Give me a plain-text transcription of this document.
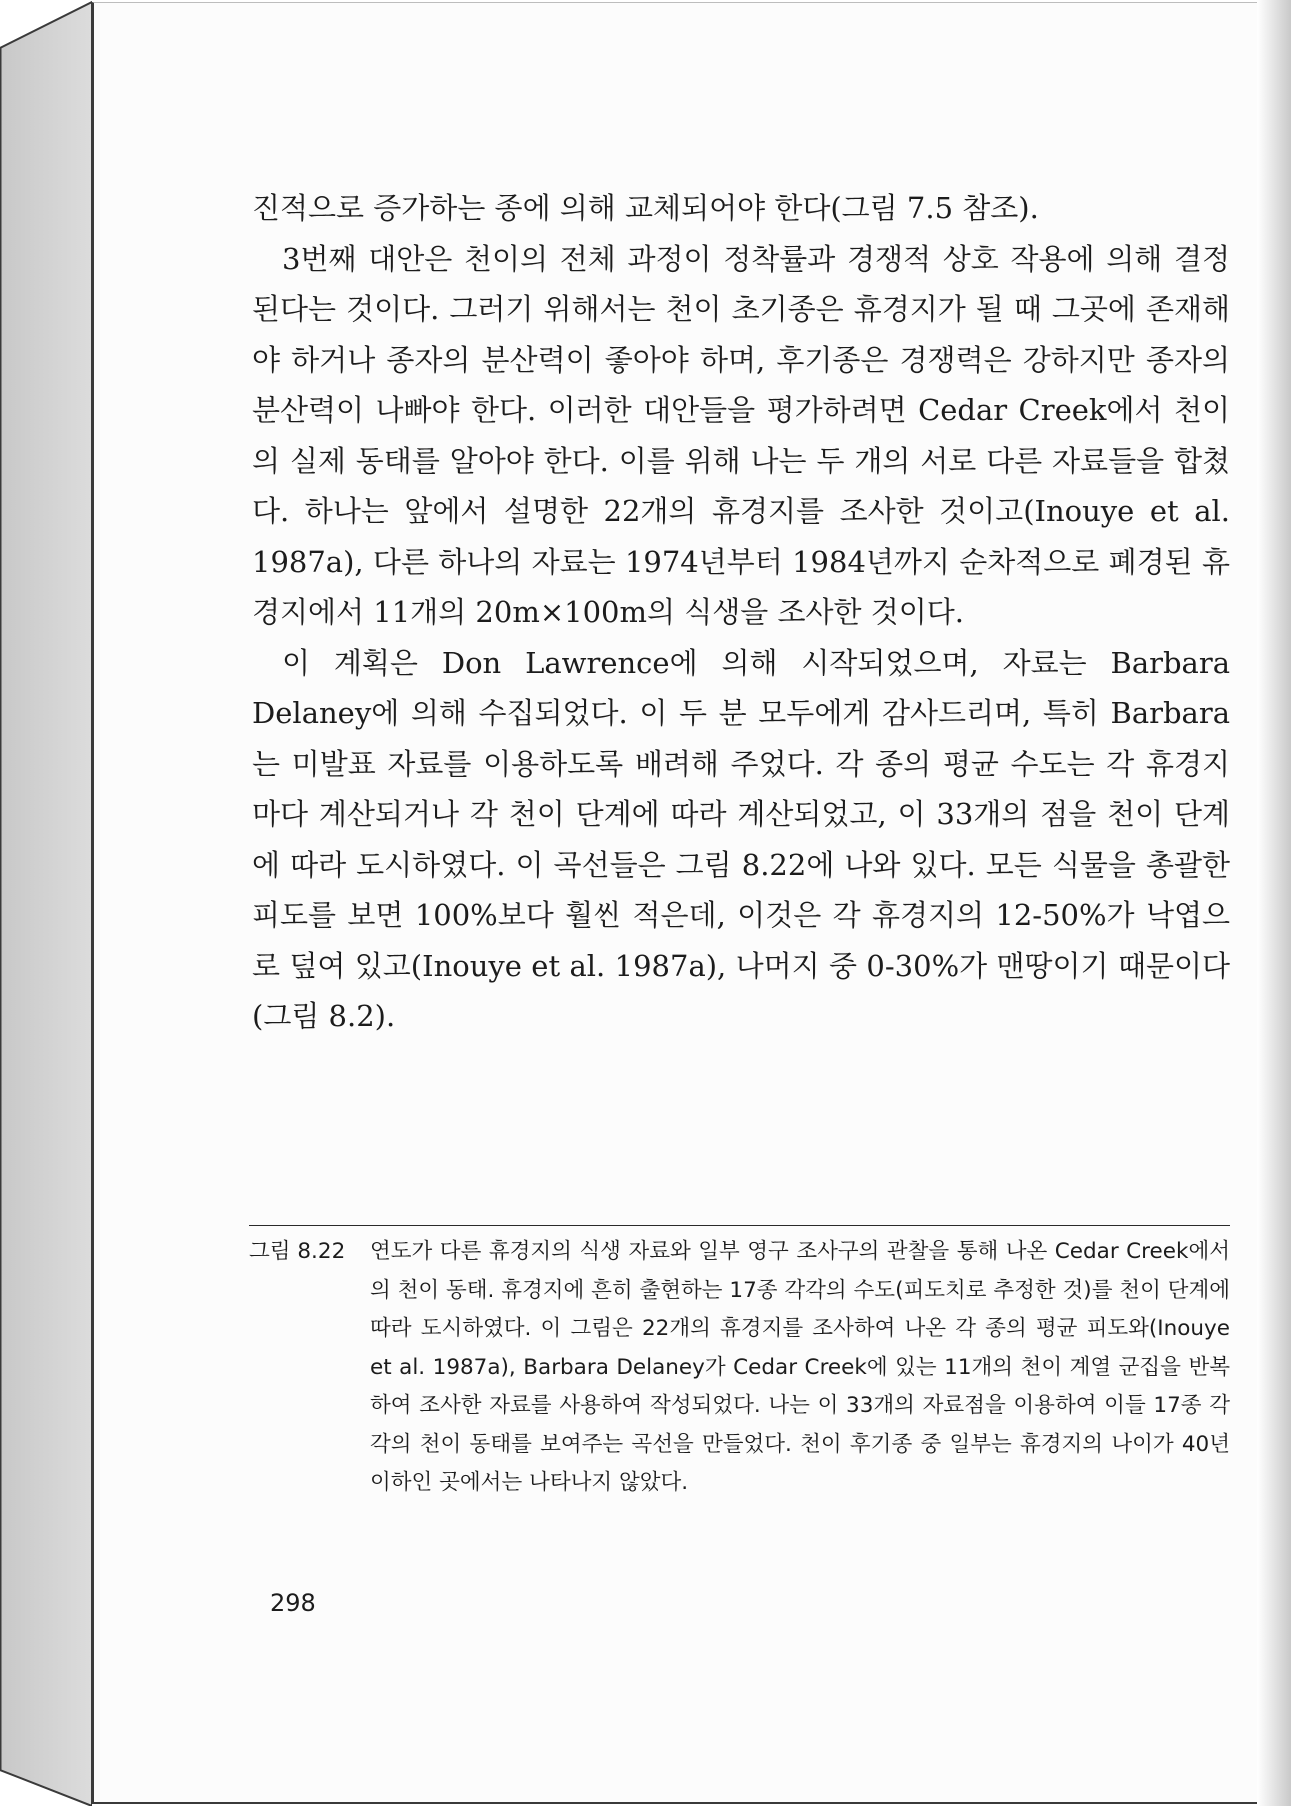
진적으로 증가하는 종에 의해 교체되어야 한다(그림 7.5 참조).

3번째 대안은 천이의 전체 과정이 정착률과 경쟁적 상호 작용에 의해 결정된다는 것이다. 그러기 위해서는 천이 초기종은 휴경지가 될 때 그곳에 존재해야 하거나 종자의 분산력이 좋아야 하며, 후기종은 경쟁력은 강하지만 종자의 분산력이 나빠야 한다. 이러한 대안들을 평가하려면 Cedar Creek에서 천이의 실제 동태를 알아야 한다. 이를 위해 나는 두 개의 서로 다른 자료들을 합쳤다. 하나는 앞에서 설명한 22개의 휴경지를 조사한 것이고(Inouye et al. 1987a), 다른 하나의 자료는 1974년부터 1984년까지 순차적으로 폐경된 휴경지에서 11개의 20m×100m의 식생을 조사한 것이다.

이 계획은 Don Lawrence에 의해 시작되었으며, 자료는 Barbara Delaney에 의해 수집되었다. 이 두 분 모두에게 감사드리며, 특히 Barbara는 미발표 자료를 이용하도록 배려해 주었다. 각 종의 평균 수도는 각 휴경지마다 계산되거나 각 천이 단계에 따라 계산되었고, 이 33개의 점을 천이 단계에 따라 도시하였다. 이 곡선들은 그림 8.22에 나와 있다. 모든 식물을 총괄한 피도를 보면 100%보다 훨씬 적은데, 이것은 각 휴경지의 12-50%가 낙엽으로 덮여 있고(Inouye et al. 1987a), 나머지 중 0-30%가 맨땅이기 때문이다(그림 8.2).

그림 8.22	연도가 다른 휴경지의 식생 자료와 일부 영구 조사구의 관찰을 통해 나온 Cedar Creek에서의 천이 동태. 휴경지에 흔히 출현하는 17종 각각의 수도(피도치로 추정한 것)를 천이 단계에 따라 도시하였다. 이 그림은 22개의 휴경지를 조사하여 나온 각 종의 평균 피도와(Inouye et al. 1987a), Barbara Delaney가 Cedar Creek에 있는 11개의 천이 계열 군집을 반복하여 조사한 자료를 사용하여 작성되었다. 나는 이 33개의 자료점을 이용하여 이들 17종 각각의 천이 동태를 보여주는 곡선을 만들었다. 천이 후기종 중 일부는 휴경지의 나이가 40년 이하인 곳에서는 나타나지 않았다.
298
